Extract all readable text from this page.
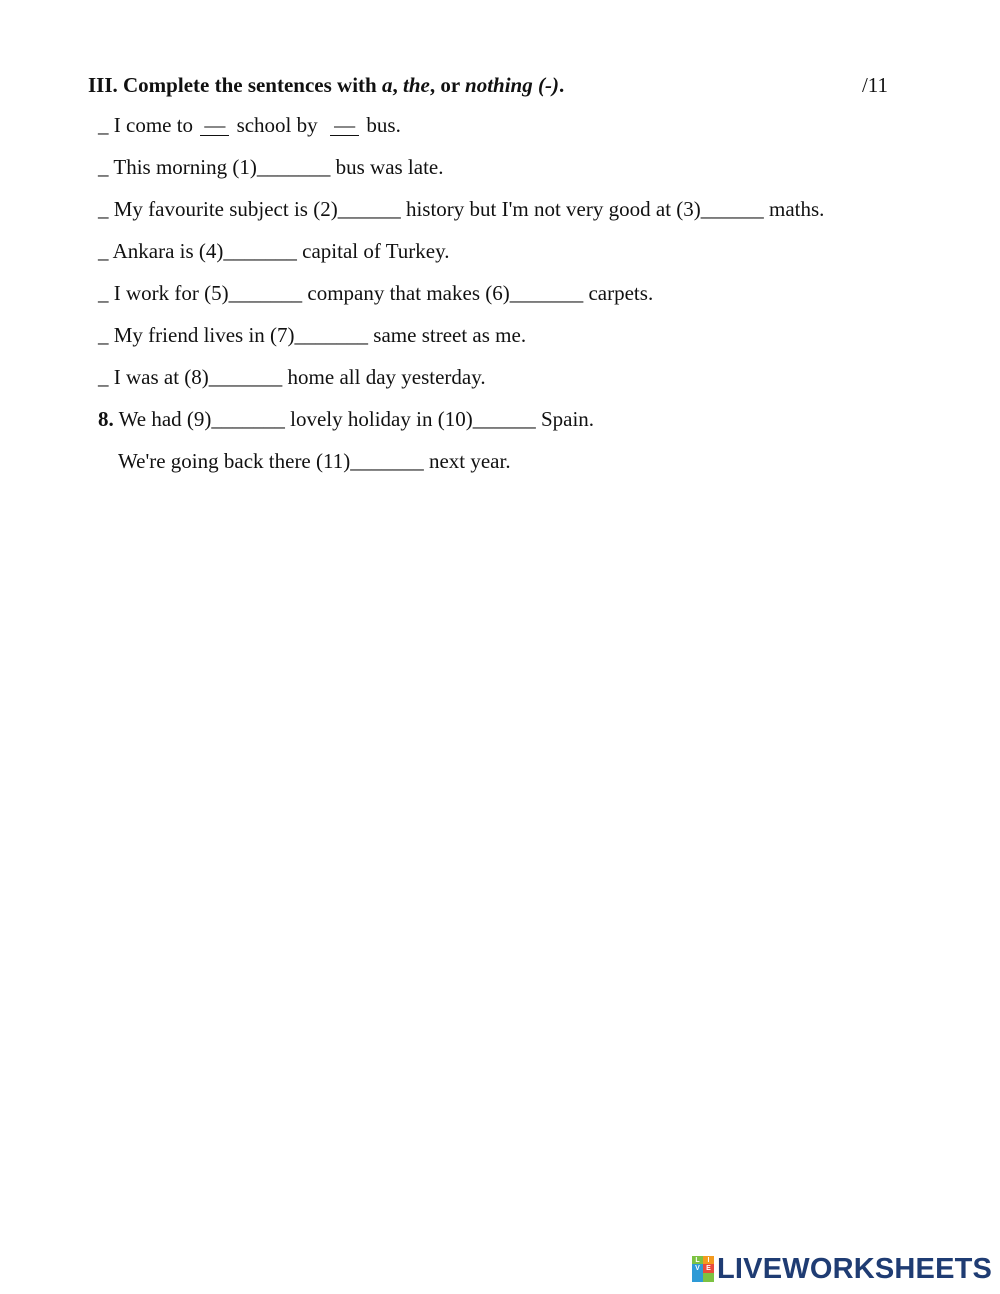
III. Complete the sentences with a, the, or nothing (-).	/11
_ I come to — school by  — bus.
_ This morning (1)_______ bus was late.
_ My favourite subject is (2)______ history but I'm not very good at (3)______ maths.
_ Ankara is (4)_______ capital of Turkey.
_ I work for (5)_______ company that makes (6)_______ carpets.
_ My friend lives in (7)_______ same street as me.
_ I was at (8)_______ home all day yesterday.
8. We had (9)_______ lovely holiday in (10)______ Spain.
We're going back there (11)_______ next year.
L	I
V E LIVEWORKSHEETS
